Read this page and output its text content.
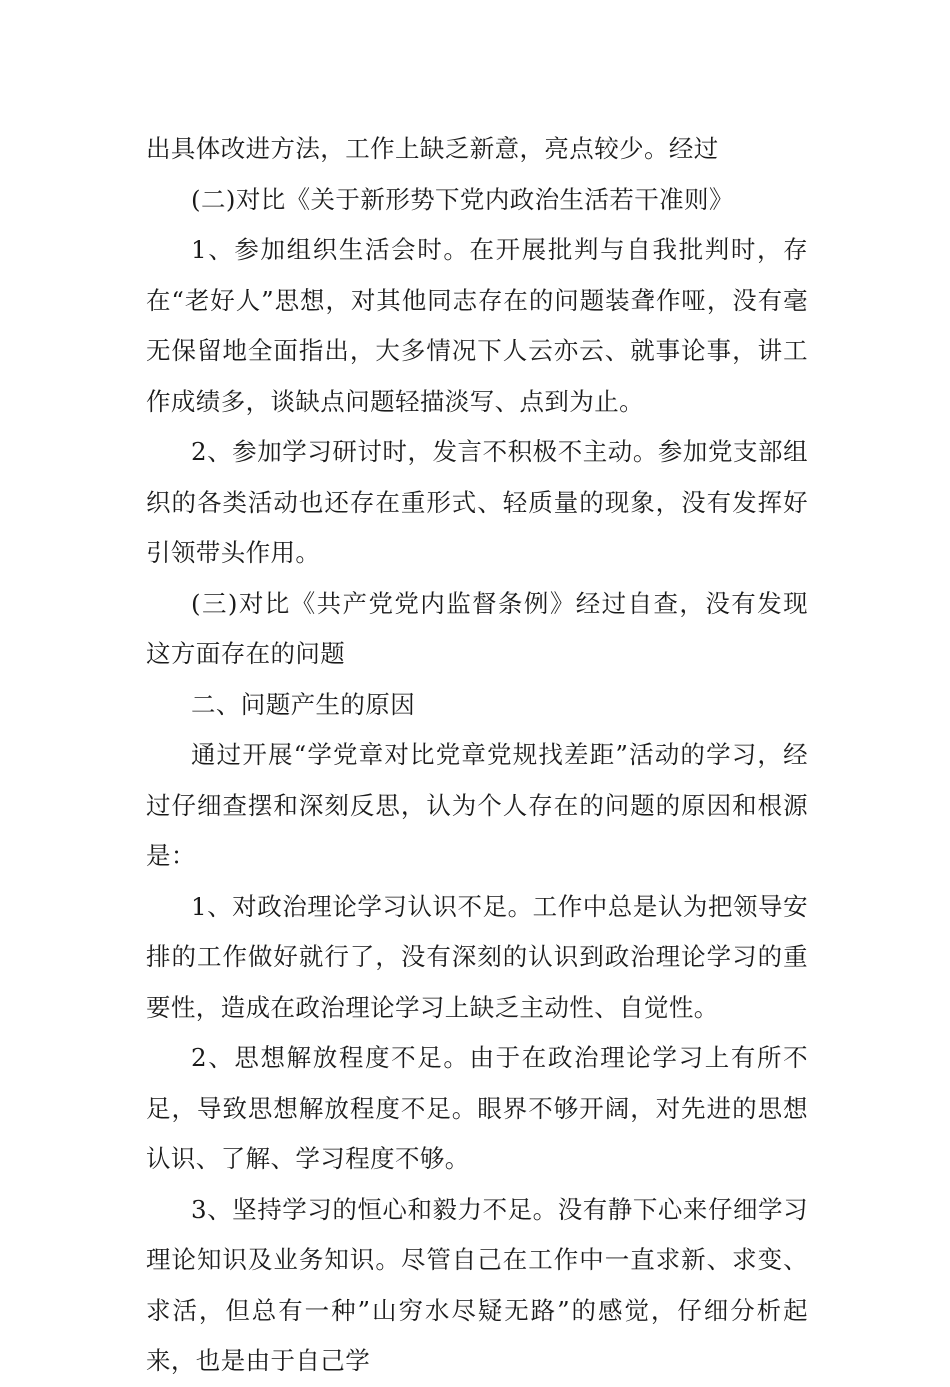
出具体改进方法，工作上缺乏新意，亮点较少。经过

(二)对比《关于新形势下党内政治生活若干准则》

1、参加组织生活会时。在开展批判与自我批判时，存在“老好人”思想，对其他同志存在的问题装聋作哑，没有毫无保留地全面指出，大多情况下人云亦云、就事论事，讲工作成绩多，谈缺点问题轻描淡写、点到为止。

2、参加学习研讨时，发言不积极不主动。参加党支部组织的各类活动也还存在重形式、轻质量的现象，没有发挥好引领带头作用。

(三)对比《共产党党内监督条例》经过自查，没有发现这方面存在的问题

二、问题产生的原因

通过开展“学党章对比党章党规找差距”活动的学习，经过仔细查摆和深刻反思，认为个人存在的问题的原因和根源是：

1、对政治理论学习认识不足。工作中总是认为把领导安排的工作做好就行了，没有深刻的认识到政治理论学习的重要性，造成在政治理论学习上缺乏主动性、自觉性。

2、思想解放程度不足。由于在政治理论学习上有所不足，导致思想解放程度不足。眼界不够开阔，对先进的思想认识、了解、学习程度不够。

3、坚持学习的恒心和毅力不足。没有静下心来仔细学习理论知识及业务知识。尽管自己在工作中一直求新、求变、求活，但总有一种”山穷水尽疑无路”的感觉，仔细分析起来，也是由于自己学
